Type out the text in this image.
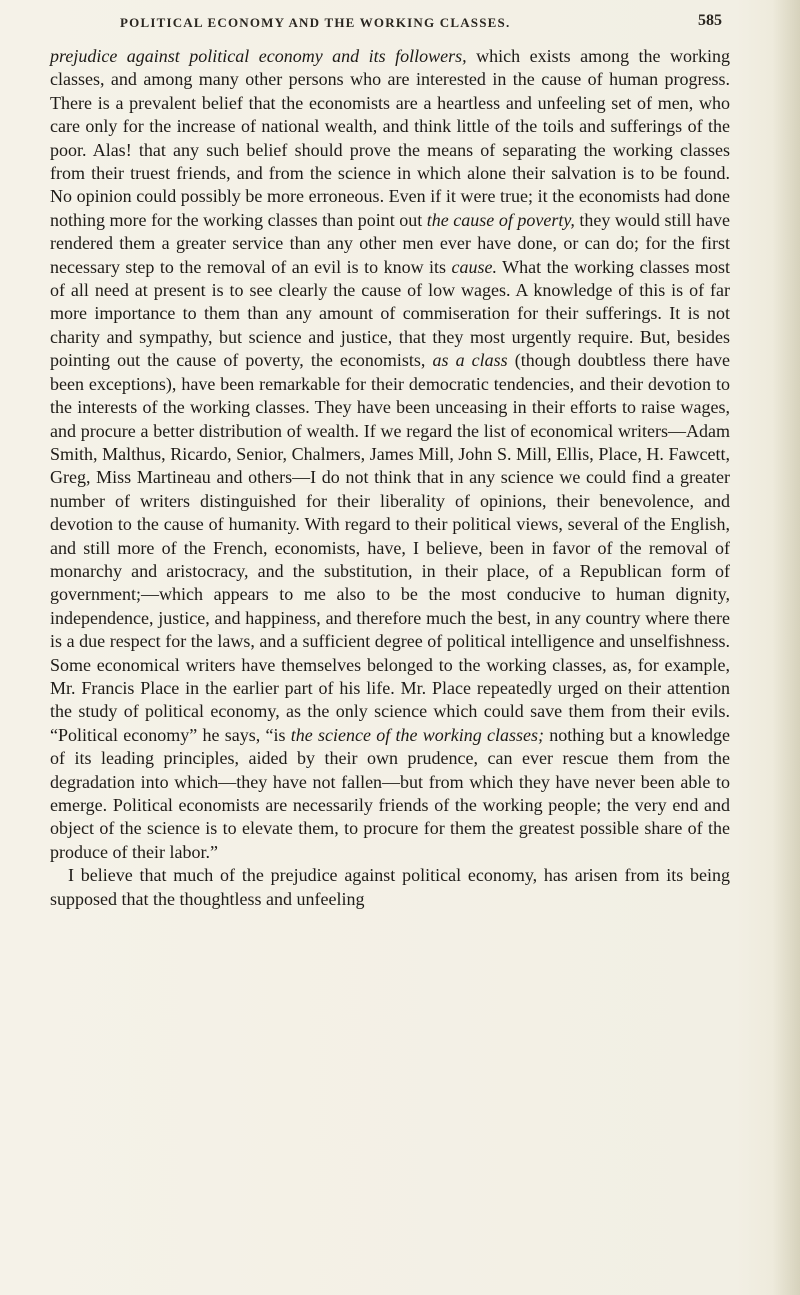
POLITICAL ECONOMY AND THE WORKING CLASSES.	585

prejudice against political economy and its followers, which exists among the working classes, and among many other persons who are interested in the cause of human progress. There is a prevalent belief that the economists are a heartless and unfeeling set of men, who care only for the increase of national wealth, and think little of the toils and sufferings of the poor. Alas! that any such belief should prove the means of separating the working classes from their truest friends, and from the science in which alone their salvation is to be found. No opinion could possibly be more erroneous. Even if it were true; it the economists had done nothing more for the working classes than point out the cause of poverty, they would still have rendered them a greater service than any other men ever have done, or can do; for the first necessary step to the removal of an evil is to know its cause. What the working classes most of all need at present is to see clearly the cause of low wages. A knowledge of this is of far more importance to them than any amount of commiseration for their sufferings. It is not charity and sympathy, but science and justice, that they most urgently require. But, besides pointing out the cause of poverty, the economists, as a class (though doubtless there have been exceptions), have been remarkable for their democratic tendencies, and their devotion to the interests of the working classes. They have been unceasing in their efforts to raise wages, and procure a better distribution of wealth. If we regard the list of economical writers—Adam Smith, Malthus, Ricardo, Senior, Chalmers, James Mill, John S. Mill, Ellis, Place, H. Fawcett, Greg, Miss Martineau and others—I do not think that in any science we could find a greater number of writers distinguished for their liberality of opinions, their benevolence, and devotion to the cause of humanity. With regard to their political views, several of the English, and still more of the French, economists, have, I believe, been in favor of the removal of monarchy and aristocracy, and the substitution, in their place, of a Republican form of government;—which appears to me also to be the most conducive to human dignity, independence, justice, and happiness, and therefore much the best, in any country where there is a due respect for the laws, and a sufficient degree of political intelligence and unselfishness. Some economical writers have themselves belonged to the working classes, as, for example, Mr. Francis Place in the earlier part of his life. Mr. Place repeatedly urged on their attention the study of political economy, as the only science which could save them from their evils. “Political economy” he says, “is the science of the working classes; nothing but a knowledge of its leading principles, aided by their own prudence, can ever rescue them from the degradation into which—they have not fallen—but from which they have never been able to emerge. Political economists are necessarily friends of the working people; the very end and object of the science is to elevate them, to procure for them the greatest possible share of the produce of their labor.”

I believe that much of the prejudice against political economy, has arisen from its being supposed that the thoughtless and unfeeling
